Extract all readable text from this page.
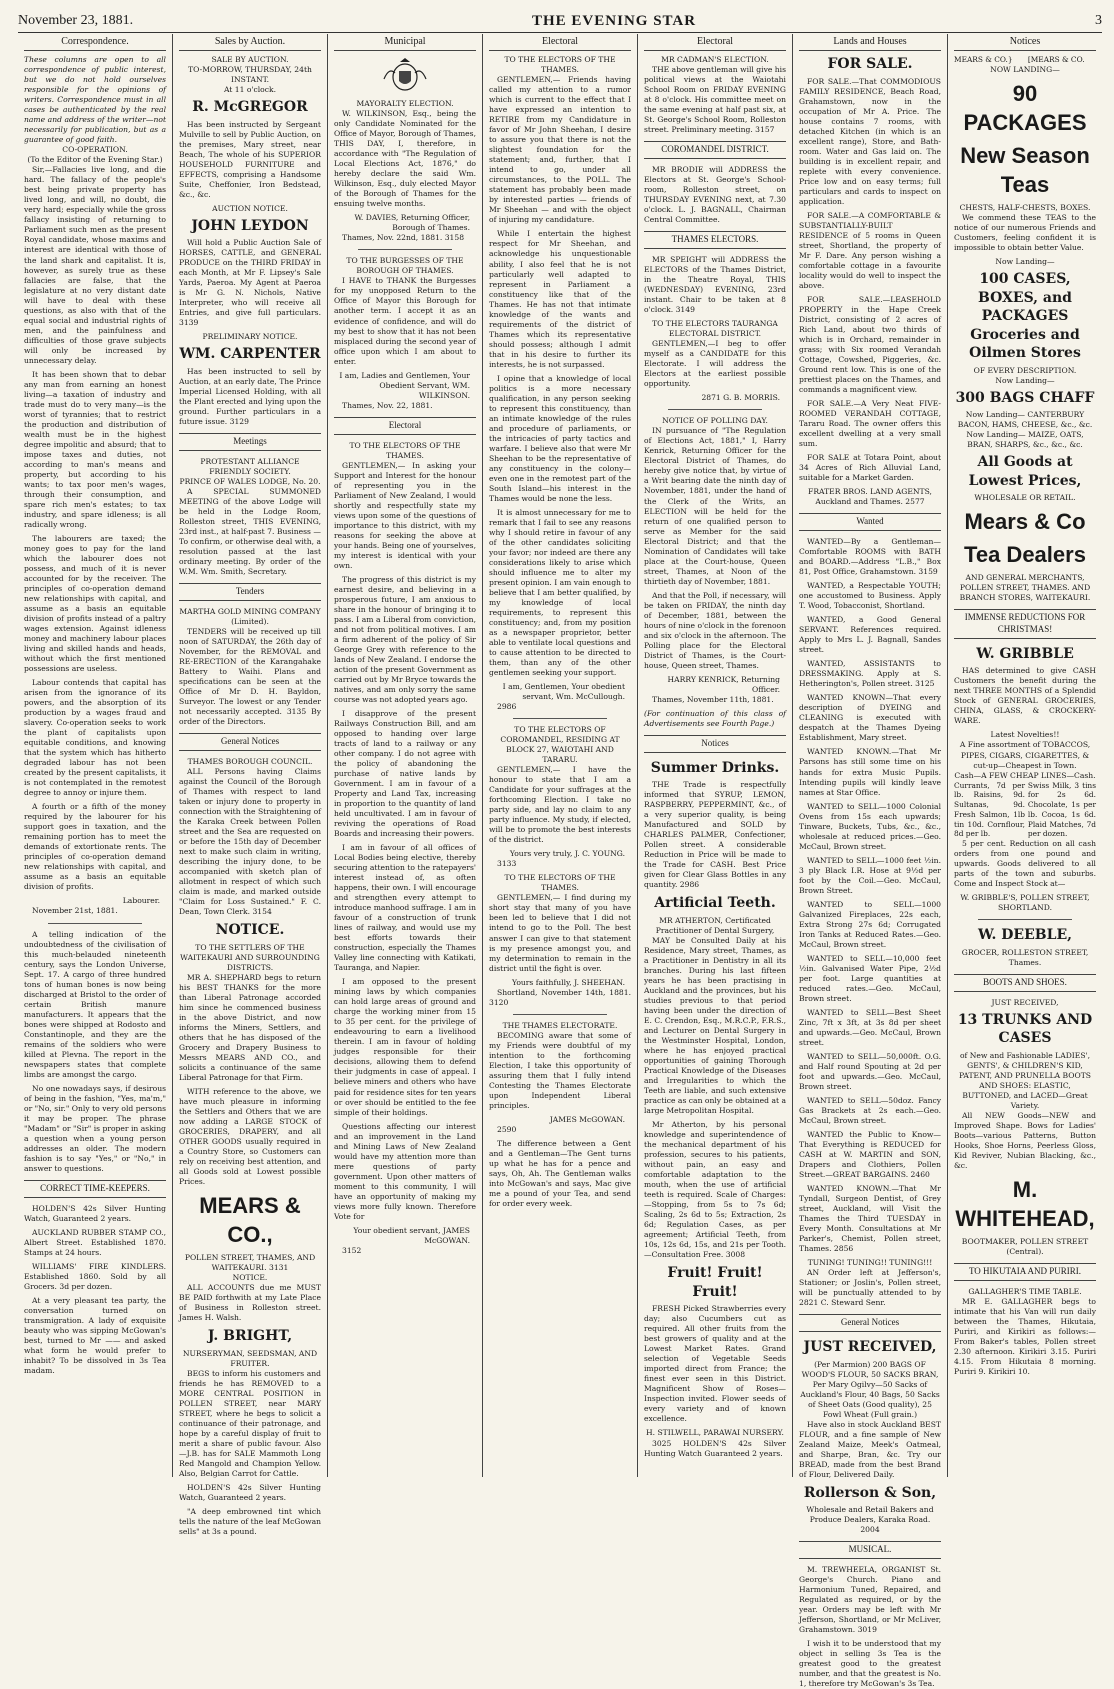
November 23, 1881.	THE EVENING STAR	3
Correspondence.
These columns are open to all correspondence of public interest, but we do not hold ourselves responsible for the opinions of writers. Correspondence must in all cases be authenticated by the real name and address of the writer—not necessarily for publication, but as a guarantee of good faith.
CO-OPERATION.
(To the Editor of the Evening Star.)

Sir,—Fallacies live long, and die hard. The fallacy of the people's best being private property has lived long, and will, no doubt, die very hard; especially while the gross fallacy insisting of returning to Parliament such men as the present Royal candidate, whose maxims and interest are identical with those of the land shark and capitalist. It is, however, as surely true as these fallacies are false, that the legislature at no very distant date will have to deal with these questions, as also with that of the equal social and industrial rights of men, and the painfulness and difficulties of those grave subjects will only be increased by unnecessary delay.

It has been shown that to debar any man from earning an honest living—a taxation of industry and trade must do to very many—is the worst of tyrannies; that to restrict the production and distribution of wealth must be in the highest degree impolitic and absurd; that to impose taxes and duties, not according to man's means and property, but according to his wants; to tax poor men's wages, through their consumption, and spare rich men's estates; to tax industry, and spare idleness; is all radically wrong.

The labourers are taxed; the money goes to pay for the land which the labourer does not possess, and much of it is never accounted for by the receiver. The principles of co-operation demand new relationships with capital, and assume as a basis an equitable division of profits instead of a paltry wages extension. Against idleness money and machinery labour places living and skilled hands and heads, without which the first mentioned possessions are useless.

Labour contends that capital has arisen from the ignorance of its powers, and the absorption of its production by a wages fraud and slavery. Co-operation seeks to work the plant of capitalists upon equitable conditions, and knowing that the system which has hitherto degraded labour has not been created by the present capitalists, it is not contemplated in the remotest degree to annoy or injure them.

A fourth or a fifth of the money required by the labourer for his support goes in taxation, and the remaining portion has to meet the demands of extortionate rents. The principles of co-operation demand new relationships with capital, and assume as a basis an equitable division of profits.

Labourer.

November 21st, 1881.

A telling indication of the undoubtedness of the civilisation of this much-belauded nineteenth century, says the London Universe, Sept. 17. A cargo of three hundred tons of human bones is now being discharged at Bristol to the order of certain British manure manufacturers. It appears that the bones were shipped at Rodosto and Constantinople, and they are the remains of the soldiers who were killed at Plevna. The report in the newspapers states that complete limbs are amongst the cargo.

No one nowadays says, if desirous of being in the fashion, "Yes, ma'm," or "No, sir." Only to very old persons it may be proper. The phrase "Madam" or "Sir" is proper in asking a question when a young person addresses an older. The modern fashion is to say "Yes," or "No," in answer to questions.

CORRECT TIME-KEEPERS.

HOLDEN'S 42s Silver Hunting Watch, Guaranteed 2 years.

AUCKLAND RUBBER STAMP CO., Albert Street. Established 1870. Stamps at 24 hours.

WILLIAMS' FIRE KINDLERS. Established 1860. Sold by all Grocers. 3d per dozen.

At a very pleasant tea party, the conversation turned on transmigration. A lady of exquisite beauty who was sipping McGowan's best, turned to Mr —— and asked what form he would prefer to inhabit? To be dissolved in 3s Tea madam.

Sales by Auction.
SALE BY AUCTION.
TO-MORROW, THURSDAY, 24th INSTANT.
At 11 o'clock.
R. McGREGOR

Has been instructed by Sergeant Mulville to sell by Public Auction, on the premises, Mary street, near Beach, The whole of his SUPERIOR HOUSEHOLD FURNITURE and EFFECTS, comprising a Handsome Suite, Cheffonier, Iron Bedstead, &c., &c.

AUCTION NOTICE.
JOHN LEYDON

Will hold a Public Auction Sale of HORSES, CATTLE, and GENERAL PRODUCE on the THIRD FRIDAY in each Month, at Mr F. Lipsey's Sale Yards, Paeroa. My Agent at Paeroa is Mr G. N. Nichols, Native Interpreter, who will receive all Entries, and give full particulars. 3139

PRELIMINARY NOTICE.
WM. CARPENTER

Has been instructed to sell by Auction, at an early date, The Prince Imperial Licensed Holding, with all the Plant erected and lying upon the ground. Further particulars in a future issue. 3129

Meetings
PROTESTANT ALLIANCE FRIENDLY SOCIETY.
PRINCE OF WALES LODGE, No. 20.

A SPECIAL SUMMONED MEETING of the above Lodge will be held in the Lodge Room, Rolleston street, THIS EVENING, 23rd inst., at half-past 7. Business — To confirm, or otherwise deal with, a resolution passed at the last ordinary meeting. By order of the W.M. Wm. Smith, Secretary.

Tenders
MARTHA GOLD MINING COMPANY (Limited).

TENDERS will be received up till noon of SATURDAY, the 26th day of November, for the REMOVAL and RE-ERECTION of the Karangahake Battery to Waihi. Plans and specifications can be seen at the Office of Mr D. H. Bayldon, Surveyor. The lowest or any Tender not necessarily accepted. 3135 By order of the Directors.

General Notices
THAMES BOROUGH COUNCIL.

ALL Persons having Claims against the Council of the Borough of Thames with respect to land taken or injury done to property in connection with the Straightening of the Karaka Creek between Pollen street and the Sea are requested on or before the 15th day of December next to make such claim in writing, describing the injury done, to be accompanied with sketch plan of allotment in respect of which such claim is made, and marked outside "Claim for Loss Sustained." F. C. Dean, Town Clerk. 3154

NOTICE.
TO THE SETTLERS OF THE WAITEKAURI AND SURROUNDING DISTRICTS.

MR A. SHEPHARD begs to return his BEST THANKS for the more than Liberal Patronage accorded him since he commenced business in the above District, and now informs the Miners, Settlers, and others that he has disposed of the Grocery and Drapery Business to Messrs MEARS AND CO., and solicits a continuance of the same Liberal Patronage for that Firm.

WITH reference to the above, we have much pleasure in informing the Settlers and Others that we are now adding a LARGE STOCK of GROCERIES, DRAPERY, and all OTHER GOODS usually required in a Country Store, so Customers can rely on receiving best attention, and all Goods sold at Lowest possible Prices.

MEARS & CO.,
POLLEN STREET, THAMES, AND WAITEKAURI. 3131
NOTICE.

ALL ACCOUNTS due me MUST BE PAID forthwith at my Late Place of Business in Rolleston street. James H. Walsh.

J. BRIGHT,
NURSERYMAN, SEEDSMAN, AND FRUITER.

BEGS to inform his customers and friends he has REMOVED to a MORE CENTRAL POSITION in POLLEN STREET, near MARY STREET, where he begs to solicit a continuance of their patronage, and hope by a careful display of fruit to merit a share of public favour. Also—J.B. has for SALE Mammoth Long Red Mangold and Champion Yellow. Also, Belgian Carrot for Cattle.

HOLDEN'S 42s Silver Hunting Watch, Guaranteed 2 years.

"A deep embrowned tint which tells the nature of the leaf McGowan sells" at 3s a pound.

Municipal
MAYORALTY ELECTION.

W. WILKINSON, Esq., being the only Candidate Nominated for the Office of Mayor, Borough of Thames, THIS DAY, I, therefore, in accordance with "The Regulation of Local Elections Act, 1876," do hereby declare the said Wm. Wilkinson, Esq., duly elected Mayor of the Borough of Thames for the ensuing twelve months.

W. DAVIES, Returning Officer, Borough of Thames.

Thames, Nov. 22nd, 1881. 3158

TO THE BURGESSES OF THE BOROUGH OF THAMES.

I HAVE to THANK the Burgesses for my unopposed Return to the Office of Mayor this Borough for another term. I accept it as an evidence of confidence, and will do my best to show that it has not been misplaced during the second year of office upon which I am about to enter.

I am, Ladies and Gentlemen, Your Obedient Servant, WM. WILKINSON.

Thames, Nov. 22, 1881.

Electoral
TO THE ELECTORS OF THE THAMES.

GENTLEMEN,— In asking your Support and Interest for the honour of representing you in the Parliament of New Zealand, I would shortly and respectfully state my views upon some of the questions of importance to this district, with my reasons for seeking the above at your hands. Being one of yourselves, my interest is identical with your own.

The progress of this district is my earnest desire, and believing in a prosperous future, I am anxious to share in the honour of bringing it to pass. I am a Liberal from conviction, and not from political motives. I am a firm adherent of the policy of Sir George Grey with reference to the lands of New Zealand. I endorse the action of the present Government as carried out by Mr Bryce towards the natives, and am only sorry the same course was not adopted years ago.

I disapprove of the present Railways Construction Bill, and am opposed to handing over large tracts of land to a railway or any other company. I do not agree with the policy of abandoning the purchase of native lands by Government. I am in favour of a Property and Land Tax, increasing in proportion to the quantity of land held uncultivated. I am in favour of reviving the operations of Road Boards and increasing their powers.

I am in favour of all offices of Local Bodies being elective, thereby securing attention to the ratepayers' interest instead of, as often happens, their own. I will encourage and strengthen every attempt to introduce manhood suffrage. I am in favour of a construction of trunk lines of railway, and would use my best efforts towards their construction, especially the Thames Valley line connecting with Katikati, Tauranga, and Napier.

I am opposed to the present mining laws by which companies can hold large areas of ground and charge the working miner from 15 to 35 per cent. for the privilege of endeavouring to earn a livelihood therein. I am in favour of holding judges responsible for their decisions, allowing them to defend their judgments in case of appeal. I believe miners and others who have paid for residence sites for ten years or over should be entitled to the fee simple of their holdings.

Questions affecting our interest and an improvement in the Land and Mining Laws of New Zealand would have my attention more than mere questions of party government. Upon other matters of moment to this community, I will have an opportunity of making my views more fully known. Therefore Vote for

Your obedient servant, JAMES McGOWAN.

3152

Electoral
TO THE ELECTORS OF THE THAMES.

GENTLEMEN,— Friends having called my attention to a rumor which is current to the effect that I have expressed an intention to RETIRE from my Candidature in favor of Mr John Sheehan, I desire to assure you that there is not the slightest foundation for the statement; and, further, that I intend to go, under all circumstances, to the POLL. The statement has probably been made by interested parties — friends of Mr Sheehan — and with the object of injuring my candidature.

While I entertain the highest respect for Mr Sheehan, and acknowledge his unquestionable ability, I also feel that he is not particularly well adapted to represent in Parliament a constituency like that of the Thames. He has not that intimate knowledge of the wants and requirements of the district of Thames which its representative should possess; although I admit that in his desire to further its interests, he is not surpassed.

I opine that a knowledge of local politics is a more necessary qualification, in any person seeking to represent this constituency, than an intimate knowledge of the rules and procedure of parliaments, or the intricacies of party tactics and warfare. I believe also that were Mr Sheehan to be the representative of any constituency in the colony—even one in the remotest part of the South Island—his interest in the Thames would be none the less.

It is almost unnecessary for me to remark that I fail to see any reasons why I should retire in favour of any of the other candidates soliciting your favor; nor indeed are there any considerations likely to arise which should influence me to alter my present opinion. I am vain enough to believe that I am better qualified, by my knowledge of local requirements, to represent this constituency; and, from my position as a newspaper proprietor, better able to ventilate local questions and to cause attention to be directed to them, than any of the other gentlemen seeking your support.

I am, Gentlemen, Your obedient servant, Wm. McCullough.

2986

TO THE ELECTORS OF COROMANDEL, RESIDING AT BLOCK 27, WAIOTAHI AND TARARU.

GENTLEMEN,— I have the honour to state that I am a Candidate for your suffrages at the forthcoming Election. I take no party side, and lay no claim to any party influence. My study, if elected, will be to promote the best interests of the district.

Yours very truly, J. C. YOUNG.

3133

TO THE ELECTORS OF THE THAMES.

GENTLEMEN,— I find during my short stay that many of you have been led to believe that I did not intend to go to the Poll. The best answer I can give to that statement is my presence amongst you, and my determination to remain in the district until the fight is over.

Yours faithfully, J. SHEEHAN.

Shortland, November 14th, 1881. 3120

THE THAMES ELECTORATE.

BECOMING aware that some of my Friends were doubtful of my intention to the forthcoming Election, I take this opportunity of assuring them that I fully intend Contesting the Thames Electorate upon Independent Liberal principles.

JAMES McGOWAN.

2590

The difference between a Gent and a Gentleman—The Gent turns up what he has for a pence and says, Oh, Ah. The Gentleman walks into McGowan's and says, Mac give me a pound of your Tea, and send for order every week.

Electoral
MR CADMAN'S ELECTION.

THE above gentleman will give his political views at the Waiotahi School Room on FRIDAY EVENING at 8 o'clock. His committee meet on the same evening at half past six, at St. George's School Room, Rolleston street. Preliminary meeting. 3157

COROMANDEL DISTRICT.

MR BRODIE will ADDRESS the Electors at St. George's School-room, Rolleston street, on THURSDAY EVENING next, at 7.30 o'clock. L. J. BAGNALL, Chairman Central Committee.

THAMES ELECTORS.

MR SPEIGHT will ADDRESS the ELECTORS of the Thames District, in the Theatre Royal, THIS (WEDNESDAY) EVENING, 23rd instant. Chair to be taken at 8 o'clock. 3149

TO THE ELECTORS TAURANGA ELECTORAL DISTRICT.

GENTLEMEN,—I beg to offer myself as a CANDIDATE for this Electorate. I will address the Electors at the earliest possible opportunity.

2871 G. B. MORRIS.
NOTICE OF POLLING DAY.

IN pursuance of "The Regulation of Elections Act, 1881," I, Harry Kenrick, Returning Officer for the Electoral District of Thames, do hereby give notice that, by virtue of a Writ bearing date the ninth day of November, 1881, under the hand of the Clerk of the Writs, an ELECTION will be held for the return of one qualified person to serve as Member for the said Electoral District; and that the Nomination of Candidates will take place at the Court-house, Queen street, Thames, at Noon of the thirtieth day of November, 1881.

And that the Poll, if necessary, will be taken on FRIDAY, the ninth day of December, 1881, between the hours of nine o'clock in the forenoon and six o'clock in the afternoon. The Polling place for the Electoral District of Thames, is the Court-house, Queen street, Thames.

HARRY KENRICK, Returning Officer.

Thames, November 11th, 1881.

(For continuation of this class of Advertisements see Fourth Page.)
Notices
Summer Drinks.

THE Trade is respectfully informed that SYRUP, LEMON, RASPBERRY, PEPPERMINT, &c., of a very superior quality, is being Manufactured and SOLD by CHARLES PALMER, Confectioner, Pollen street. A considerable Reduction in Price will be made to the Trade for CASH. Best Price given for Clear Glass Bottles in any quantity. 2986

Artificial Teeth.
MR ATHERTON, Certificated Practitioner of Dental Surgery,

MAY be Consulted Daily at his Residence, Mary street, Thames, as a Practitioner in Dentistry in all its branches. During his last fifteen years he has been practising in Auckland and the provinces, but his studies previous to that period having been under the direction of E. C. Crendon, Esq., M.R.C.P., F.R.S., and Lecturer on Dental Surgery in the Westminster Hospital, London, where he has enjoyed practical opportunities of gaining Thorough Practical Knowledge of the Diseases and Irregularities to which the Teeth are liable, and such extensive practice as can only be obtained at a large Metropolitan Hospital.

Mr Atherton, by his personal knowledge and superintendence of the mechanical department of his profession, secures to his patients, without pain, an easy and comfortable adaptation to the mouth, when the use of artificial teeth is required. Scale of Charges:—Stopping, from 5s to 7s 6d; Scaling, 2s 6d to 5s; Extraction, 2s 6d; Regulation Cases, as per agreement; Artificial Teeth, from 10s, 12s 6d, 15s, and 21s per Tooth.—Consultation Free. 3008

Fruit! Fruit! Fruit!

FRESH Picked Strawberries every day; also Cucumbers cut as required. All other fruits from the best growers of quality and at the Lowest Market Rates. Grand selection of Vegetable Seeds imported direct from France; the finest ever seen in this District. Magnificent Show of Roses—Inspection invited. Flower seeds of every variety and of known excellence.

H. STILWELL, PARAWAI NURSERY.

3025 HOLDEN'S 42s Silver Hunting Watch Guaranteed 2 years.

Lands and Houses
FOR SALE.

FOR SALE.—That COMMODIOUS FAMILY RESIDENCE, Beach Road, Grahamstown, now in the occupation of Mr A. Price. The house contains 7 rooms, with detached Kitchen (in which is an excellent range), Store, and Bath-room. Water and Gas laid on. The building is in excellent repair, and replete with every convenience. Price low and on easy terms; full particulars and cards to inspect on application.

FOR SALE.—A COMFORTABLE & SUBSTANTIALLY-BUILT RESIDENCE of 5 rooms in Queen street, Shortland, the property of Mr F. Dare. Any person wishing a comfortable cottage in a favourite locality would do well to inspect the above.

FOR SALE.—LEASEHOLD PROPERTY in the Hape Creek District, consisting of 2 acres of Rich Land, about two thirds of which is in Orchard, remainder in grass; with Six roomed Verandah Cottage, Cowshed, Piggeries, &c. Ground rent low. This is one of the prettiest places on the Thames, and commands a magnificent view.

FOR SALE.—A Very Neat FIVE-ROOMED VERANDAH COTTAGE, Tararu Road. The owner offers this excellent dwelling at a very small sum.

FOR SALE at Totara Point, about 34 Acres of Rich Alluvial Land, suitable for a Market Garden.

FRATER BROS. LAND AGENTS, Auckland and Thames. 2577
Wanted

WANTED—By a Gentleman—Comfortable ROOMS with BATH and BOARD.—Address "L.B.," Box 81, Post Office, Grahamstown. 3159

WANTED, a Respectable YOUTH; one accustomed to Business. Apply T. Wood, Tobacconist, Shortland.

WANTED, a Good General SERVANT. References required. Apply to Mrs L. J. Bagnall, Sandes street.

WANTED, ASSISTANTS to DRESSMAKING. Apply at S. Hetherington's, Pollen street. 3125

WANTED KNOWN—That every description of DYEING and CLEANING is executed with despatch at the Thames Dyeing Establishment, Mary street.

WANTED KNOWN.—That Mr Parsons has still some time on his hands for extra Music Pupils. Intending pupils will kindly leave names at Star Office.

WANTED to SELL—1000 Colonial Ovens from 15s each upwards; Tinware, Buckets, Tubs, &c., &c., wholesale at reduced prices.—Geo. McCaul, Brown street.

WANTED to SELL—1000 feet ½in. 3 ply Black I.R. Hose at 9½d per foot by the Coil.—Geo. McCaul, Brown Street.

WANTED to SELL—1000 Galvanized Fireplaces, 22s each, Extra Strong 27s 6d; Corrugated Iron Tanks at Reduced Rates.—Geo. McCaul, Brown street.

WANTED to SELL—10,000 feet ½in. Galvanised Water Pipe, 2½d per foot. Large quantities at reduced rates.—Geo. McCaul, Brown street.

WANTED to SELL—Best Sheet Zinc, 7ft x 3ft, at 3s 8d per sheet and upwards.—Geo. McCaul, Brown street.

WANTED to SELL—50,000ft. O.G. and Half round Spouting at 2d per foot and upwards.—Geo. McCaul, Brown street.

WANTED to SELL—50doz. Fancy Gas Brackets at 2s each.—Geo. McCaul, Brown street.

WANTED the Public to Know—That Everything is REDUCED for CASH at W. MARTIN and SON, Drapers and Clothiers, Pollen Street.—GREAT BARGAINS. 2460

WANTED KNOWN.—That Mr Tyndall, Surgeon Dentist, of Grey street, Auckland, will Visit the Thames the Third TUESDAY in Every Month. Consultations at Mr Parker's, Chemist, Pollen street, Thames. 2856

TUNING! TUNING!! TUNING!!!

AN Order left at Jefferson's, Stationer; or Joslin's, Pollen street, will be punctually attended to by 2821 C. Steward Senr.

General Notices
JUST RECEIVED,
(Per Marmion) 200 BAGS OF WOOD'S FLOUR, 50 SACKS BRAN, Per Mary Ogilvy—50 Sacks of Auckland's Flour, 40 Bags, 50 Sacks of Sheet Oats (Good quality), 25 Fowl Wheat (Full grain.)

Have also in stock Auckland BEST FLOUR, and a fine sample of New Zealand Maize, Meek's Oatmeal, and Sharpe, Bran, &c. Try our BREAD, made from the best Brand of Flour, Delivered Daily.

Rollerson & Son,
Wholesale and Retail Bakers and Produce Dealers, Karaka Road. 2004
MUSICAL.

M. TREWHEELA, ORGANIST St. George's Church. Piano and Harmonium Tuned, Repaired, and Regulated as required, or by the year. Orders may be left with Mr Jefferson, Shortland, or Mr McLiver, Grahamstown. 3019

I wish it to be understood that my object in selling 3s Tea is the greatest good to the greatest number, and that the greatest is No. 1, therefore try McGowan's 3s Tea.

Notices
MEARS & CO.}	[MEARS & CO.
NOW LANDING—
90 PACKAGES
New Season Teas
CHESTS, HALF-CHESTS, BOXES.

We commend these TEAS to the notice of our numerous Friends and Customers, feeling confident it is impossible to obtain better Value.

Now Landing—
100 CASES, BOXES, and PACKAGES Groceries and Oilmen Stores
OF EVERY DESCRIPTION.
Now Landing—
300 BAGS CHAFF
Now Landing— CANTERBURY BACON, HAMS, CHEESE, &c., &c.
Now Landing— MAIZE, OATS, BRAN, SHARPS, &c., &c., &c.
All Goods at Lowest Prices,
WHOLESALE OR RETAIL.
Mears & Co
Tea Dealers
AND GENERAL MERCHANTS, POLLEN STREET, THAMES. AND BRANCH STORES, WAITEKAURI.
IMMENSE REDUCTIONS FOR CHRISTMAS!
W. GRIBBLE

HAS determined to give CASH Customers the benefit during the next THREE MONTHS of a Splendid Stock of GENERAL GROCERIES, CHINA, GLASS, & CROCKERY-WARE.

Latest Novelties!!
A Fine assortment of TOBACCOS, PIPES, CIGARS, CIGARETTES, & cut-up—Cheapest in Town.
Cash—A FEW CHEAP LINES—Cash.
Currants, 7d per lb. Raisins, 9d. Sultanas, 9d. Fresh Salmon, 1lb tin 10d. Cornflour, 8d per lb.
Swiss Milk, 3 tins for 2s 6d. Chocolate, 1s per lb. Cocoa, 1s 6d. Plaid Matches, 7d per dozen.

5 per cent. Reduction on all cash orders from one pound and upwards. Goods delivered to all parts of the town and suburbs. Come and Inspect Stock at—

W. GRIBBLE'S, POLLEN STREET, SHORTLAND.
W. DEEBLE,
GROCER, ROLLESTON STREET, Thames.
BOOTS AND SHOES.
JUST RECEIVED,
13 TRUNKS AND CASES
of New and Fashionable LADIES', GENTS', & CHILDREN'S KID, PATENT, AND PRUNELLA BOOTS AND SHOES: ELASTIC, BUTTONED, and LACED—Great Variety.

All NEW Goods—NEW and Improved Shape. Bows for Ladies' Boots—various Patterns, Button Hooks, Shoe Horns, Peerless Gloss, Kid Reviver, Nubian Blacking, &c., &c.

M. WHITEHEAD,
BOOTMAKER, POLLEN STREET (Central).
TO HIKUTAIA AND PURIRI.
GALLAGHER'S TIME TABLE.

MR E. GALLAGHER begs to intimate that his Van will run daily between the Thames, Hikutaia, Puriri, and Kirikiri as follows:— From Baker's tables, Pollen street 2.30 afternoon. Kirikiri 3.15. Puriri 4.15. From Hikutaia 8 morning. Puriri 9. Kirikiri 10.
